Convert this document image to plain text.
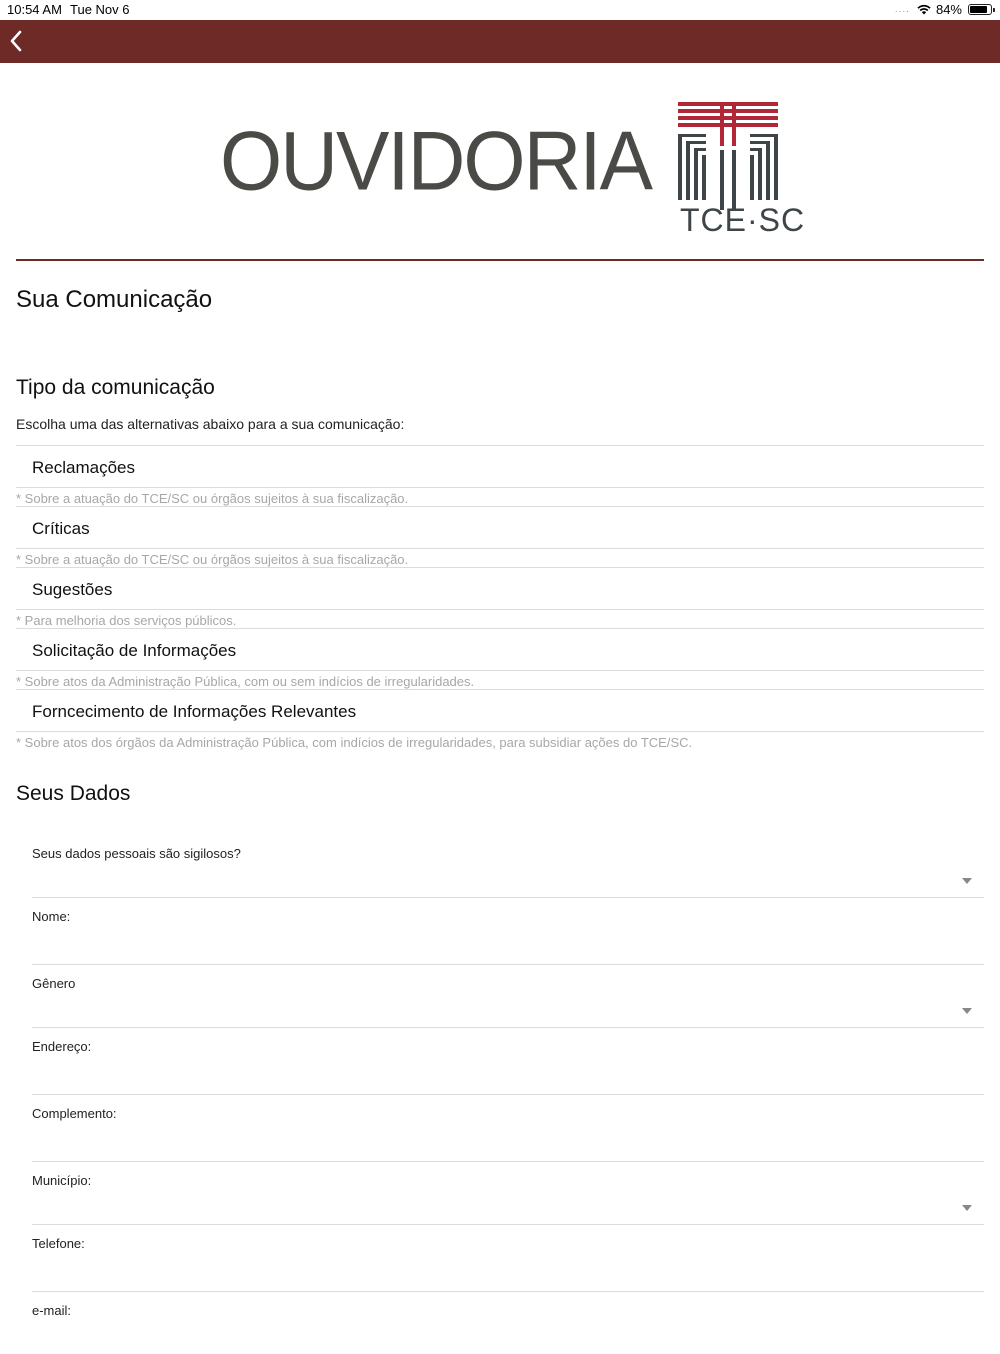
10:54 AM Tue Nov 6	.... 84%
OUVIDORIA
TCE·SC
Sua Comunicação
Tipo da comunicação
Escolha uma das alternativas abaixo para a sua comunicação:
Reclamações
* Sobre a atuação do TCE/SC ou órgãos sujeitos à sua fiscalização.
Críticas
* Sobre a atuação do TCE/SC ou órgãos sujeitos à sua fiscalização.
Sugestões
* Para melhoria dos serviços públicos.
Solicitação de Informações
* Sobre atos da Administração Pública, com ou sem indícios de irregularidades.
Forncecimento de Informações Relevantes
* Sobre atos dos órgãos da Administração Pública, com indícios de irregularidades, para subsidiar ações do TCE/SC.
Seus Dados
Seus dados pessoais são sigilosos?
Nome:
Gênero
Endereço:
Complemento:
Município:
Telefone:
e-mail:
